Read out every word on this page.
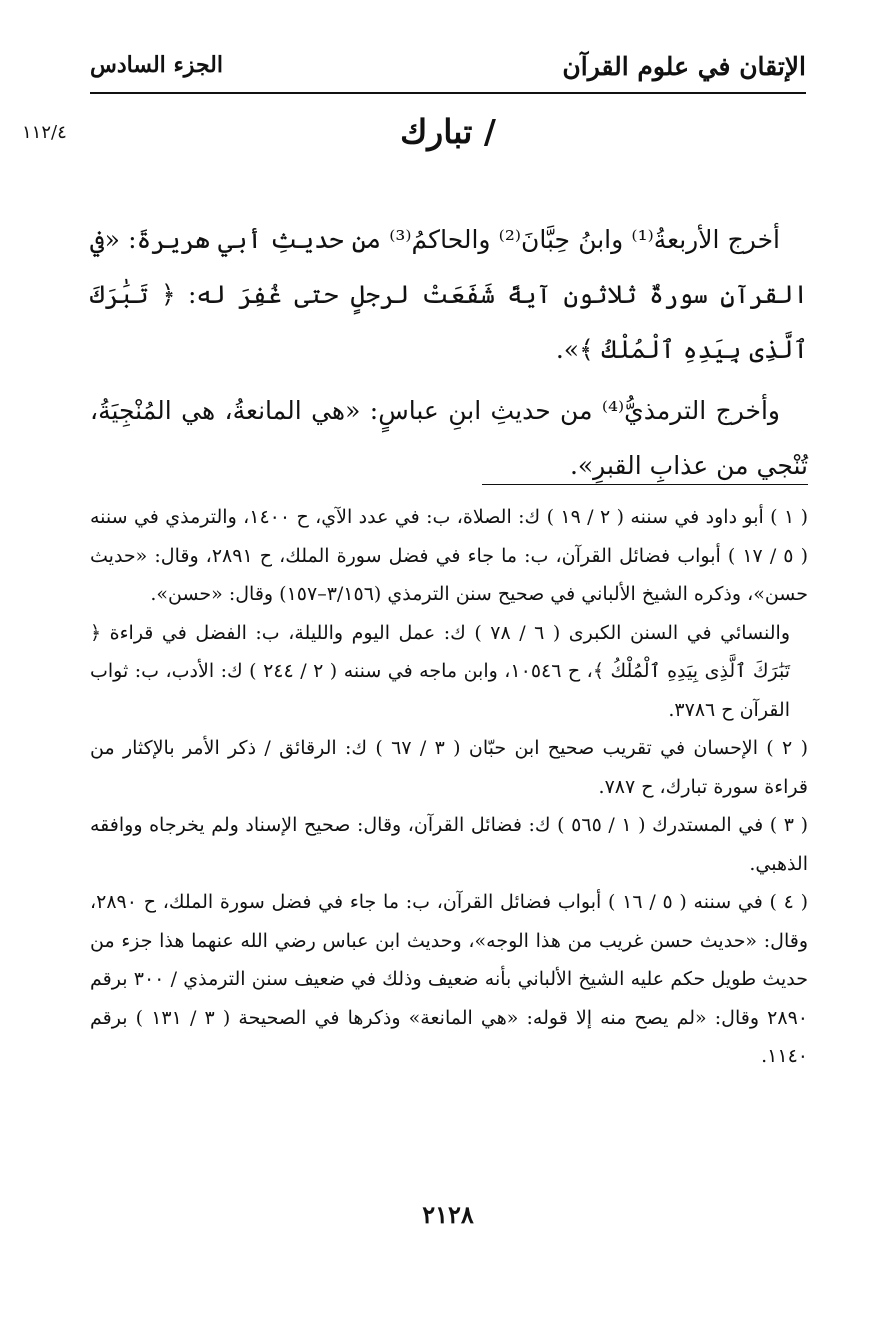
الإتقان في علوم القرآن
الجزء السادس
١١٢/٤	/ تبارك

أخرج الأربعةُ⁽¹⁾ وابنُ حِبَّانَ⁽²⁾ والحاكمُ⁽³⁾ من حديثِ أبي هريرةَ: «في القرآنِ سورةٌ ثلاثون آيةً شَفَعَتْ لرجلٍ حتى غُفِرَ له: ﴿ تَبَٰرَكَ ٱلَّذِى بِيَدِهِ ٱلْمُلْكُ ﴾».

وأخرج الترمذيُّ⁽⁴⁾ من حديثِ ابنِ عباسٍ: «هي المانعةُ، هي المُنْجِيَةُ، تُنْجي من عذابِ القبرِ».

( ١ ) أبو داود في سننه ( ٢ / ١٩ ) ك: الصلاة، ب: في عدد الآي، ح ١٤٠٠، والترمذي في سننه ( ٥ / ١٧ ) أبواب فضائل القرآن، ب: ما جاء في فضل سورة الملك، ح ٢٨٩١، وقال: «حديث حسن»، وذكره الشيخ الألباني في صحيح سنن الترمذي (٣/١٥٦–١٥٧) وقال: «حسن».

والنسائي في السنن الكبرى ( ٦ / ٧٨ ) ك: عمل اليوم والليلة، ب: الفضل في قراءة ﴿ تَبَٰرَكَ ٱلَّذِى بِيَدِهِ ٱلْمُلْكُ ﴾، ح ١٠٥٤٦، وابن ماجه في سننه ( ٢ / ٢٤٤ ) ك: الأدب، ب: ثواب القرآن ح ٣٧٨٦.

( ٢ ) الإحسان في تقريب صحيح ابن حبّان ( ٣ / ٦٧ ) ك: الرقائق / ذكر الأمر بالإكثار من قراءة سورة تبارك، ح ٧٨٧.

( ٣ ) في المستدرك ( ١ / ٥٦٥ ) ك: فضائل القرآن، وقال: صحيح الإسناد ولم يخرجاه ووافقه الذهبي.

( ٤ ) في سننه ( ٥ / ١٦ ) أبواب فضائل القرآن، ب: ما جاء في فضل سورة الملك، ح ٢٨٩٠، وقال: «حديث حسن غريب من هذا الوجه»، وحديث ابن عباس رضي الله عنهما هذا جزء من حديث طويل حكم عليه الشيخ الألباني بأنه ضعيف وذلك في ضعيف سنن الترمذي / ٣٠٠ برقم ٢٨٩٠ وقال: «لم يصح منه إلا قوله: «هي المانعة» وذكرها في الصحيحة ( ٣ / ١٣١ ) برقم ١١٤٠.

٢١٢٨
